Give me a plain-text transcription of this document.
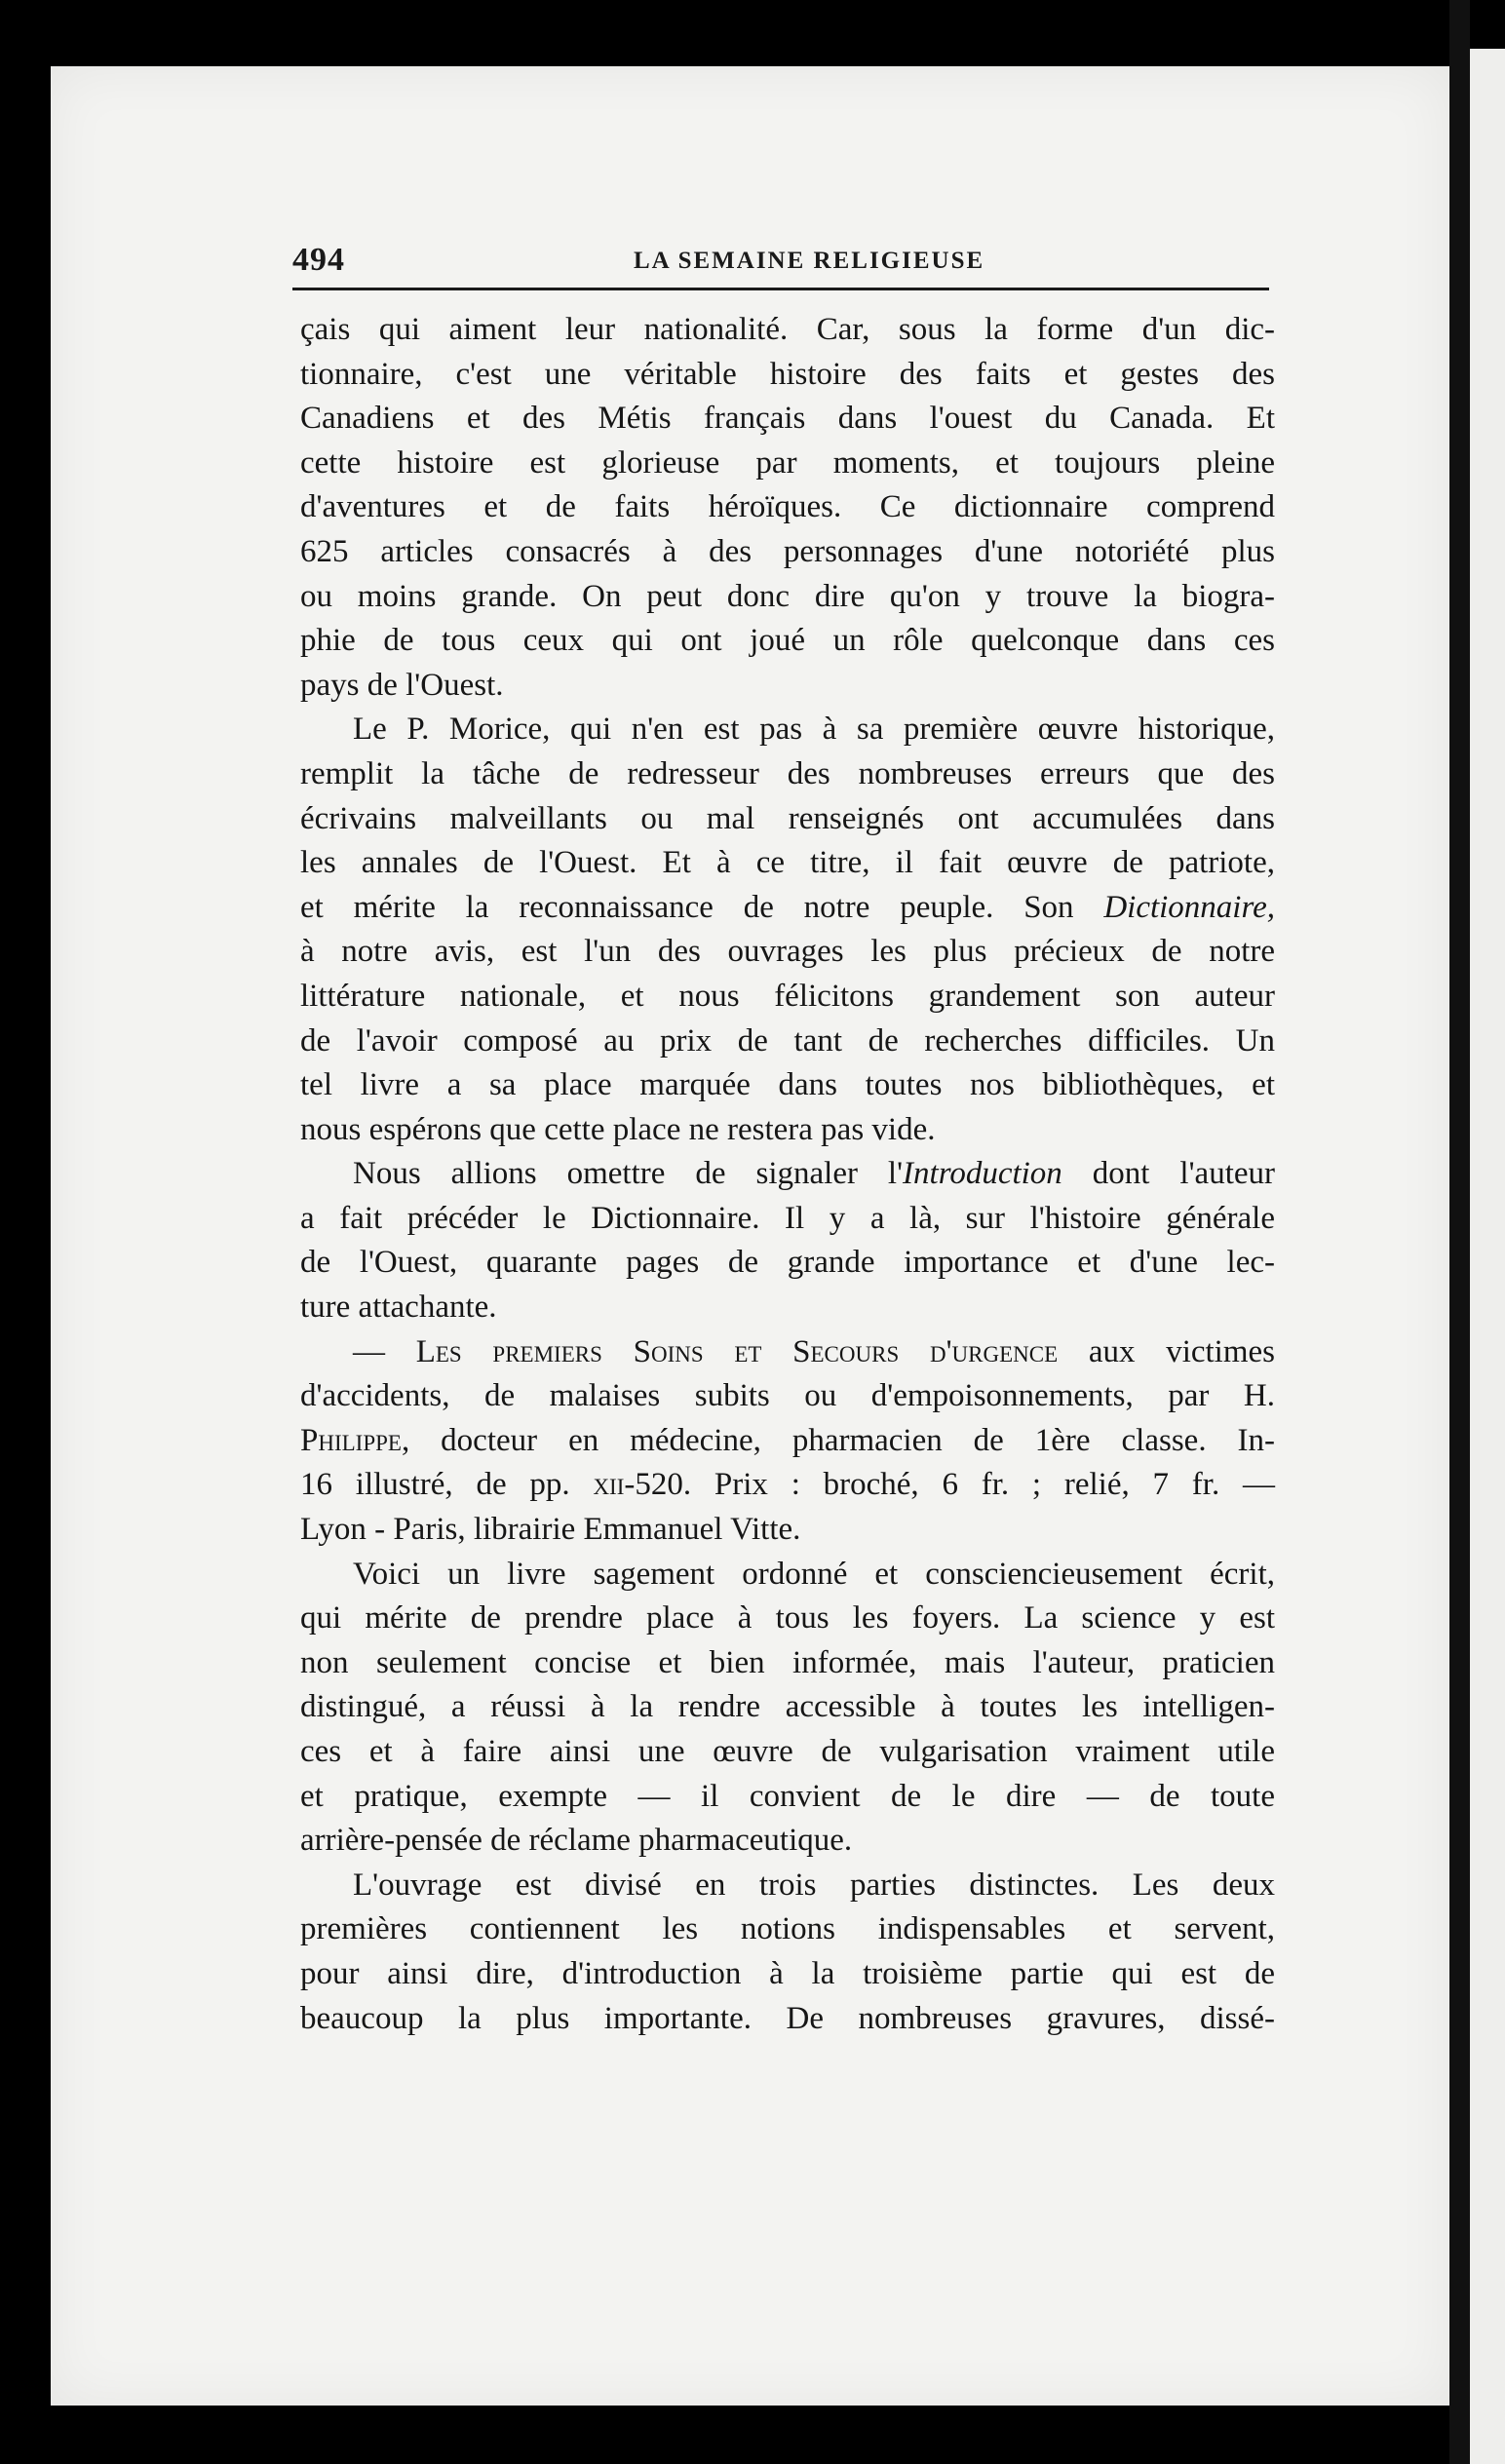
494	LA SEMAINE RELIGIEUSE
çais qui aiment leur nationalité. Car, sous la forme d'un dic-
tionnaire, c'est une véritable histoire des faits et gestes des
Canadiens et des Métis français dans l'ouest du Canada. Et
cette histoire est glorieuse par moments, et toujours pleine
d'aventures et de faits héroïques. Ce dictionnaire comprend
625 articles consacrés à des personnages d'une notoriété plus
ou moins grande. On peut donc dire qu'on y trouve la biogra-
phie de tous ceux qui ont joué un rôle quelconque dans ces
pays de l'Ouest.
Le P. Morice, qui n'en est pas à sa première œuvre historique,
remplit la tâche de redresseur des nombreuses erreurs que des
écrivains malveillants ou mal renseignés ont accumulées dans
les annales de l'Ouest. Et à ce titre, il fait œuvre de patriote,
et mérite la reconnaissance de notre peuple. Son Dictionnaire,
à notre avis, est l'un des ouvrages les plus précieux de notre
littérature nationale, et nous félicitons grandement son auteur
de l'avoir composé au prix de tant de recherches difficiles. Un
tel livre a sa place marquée dans toutes nos bibliothèques, et
nous espérons que cette place ne restera pas vide.
Nous allions omettre de signaler l'Introduction dont l'auteur
a fait précéder le Dictionnaire. Il y a là, sur l'histoire générale
de l'Ouest, quarante pages de grande importance et d'une lec-
ture attachante.
— Les premiers Soins et Secours d'urgence aux victimes
d'accidents, de malaises subits ou d'empoisonnements, par H.
Philippe, docteur en médecine, pharmacien de 1ère classe. In-
16 illustré, de pp. xii-520. Prix : broché, 6 fr. ; relié, 7 fr. —
Lyon - Paris, librairie Emmanuel Vitte.
Voici un livre sagement ordonné et consciencieusement écrit,
qui mérite de prendre place à tous les foyers. La science y est
non seulement concise et bien informée, mais l'auteur, praticien
distingué, a réussi à la rendre accessible à toutes les intelligen-
ces et à faire ainsi une œuvre de vulgarisation vraiment utile
et pratique, exempte — il convient de le dire — de toute
arrière-pensée de réclame pharmaceutique.
L'ouvrage est divisé en trois parties distinctes. Les deux
premières contiennent les notions indispensables et servent,
pour ainsi dire, d'introduction à la troisième partie qui est de
beaucoup la plus importante. De nombreuses gravures, dissé-
